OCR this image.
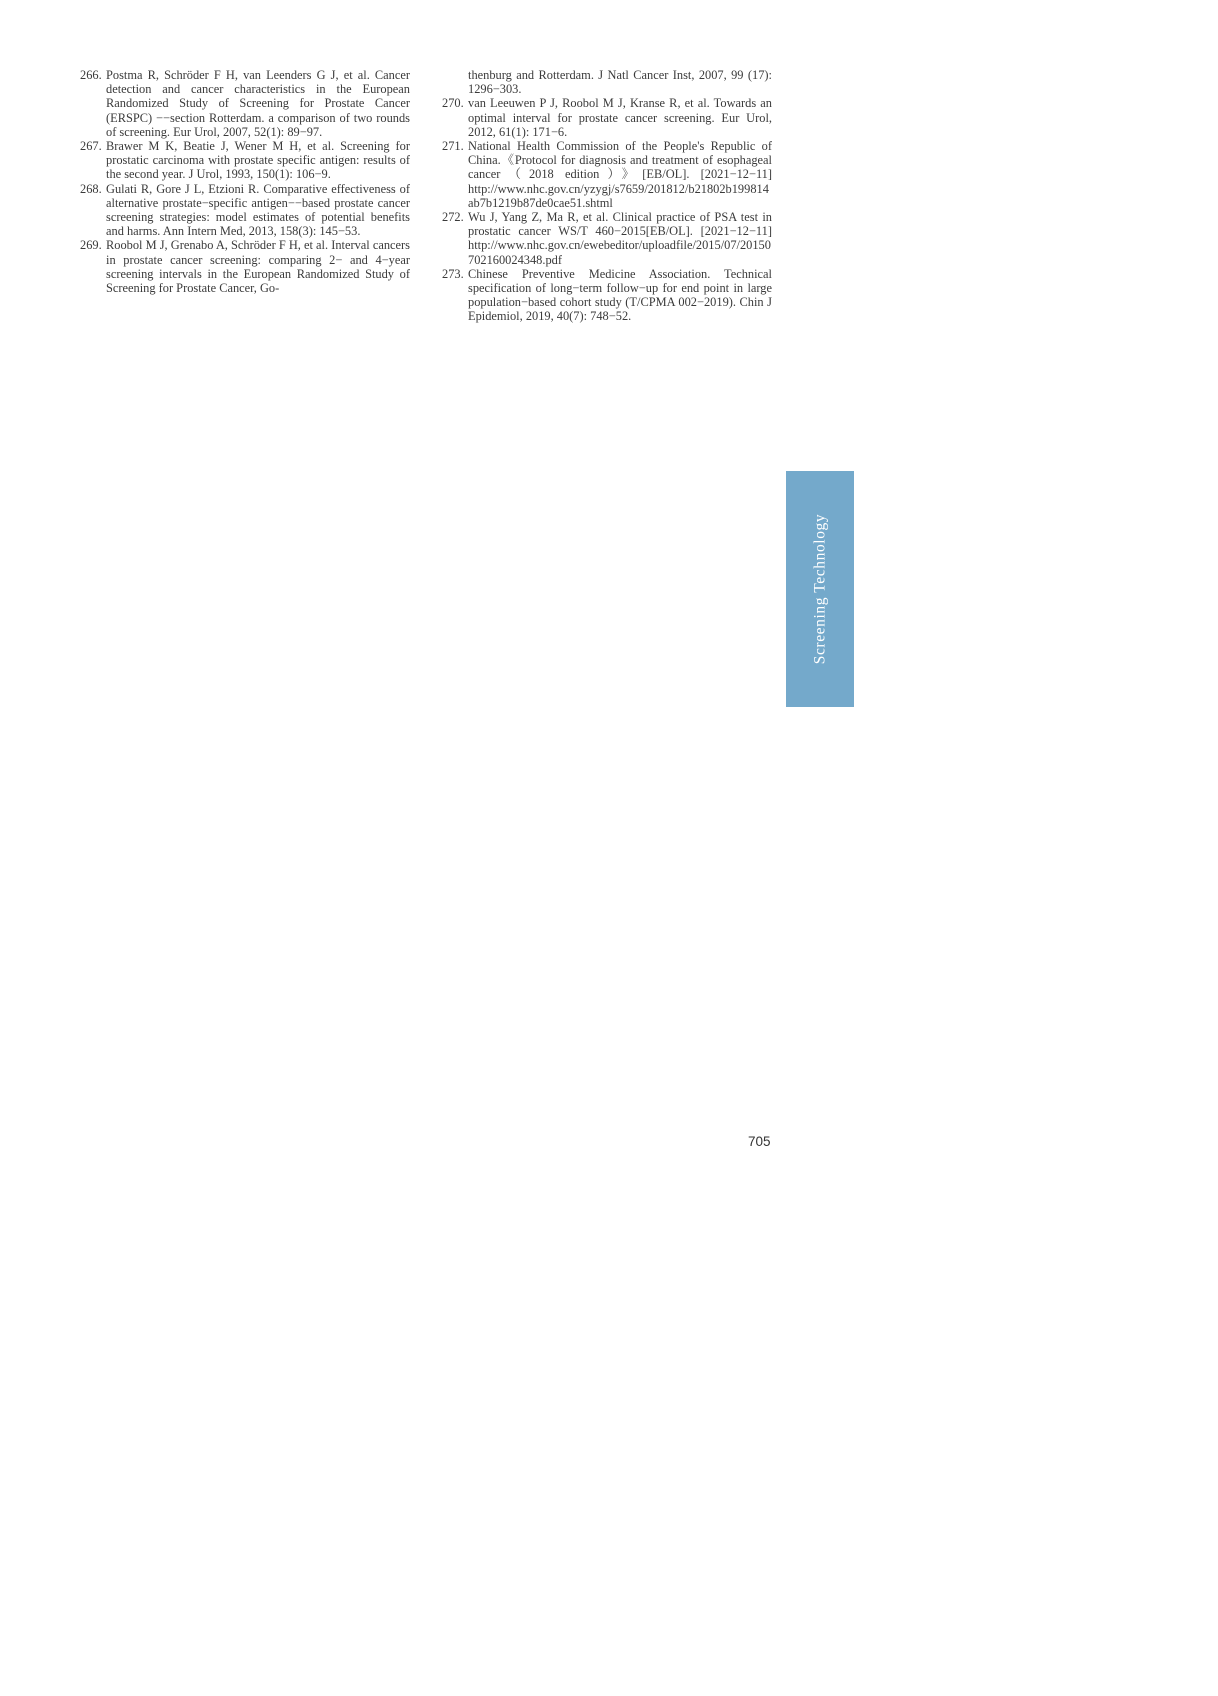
266. Postma R, Schröder F H, van Leenders G J, et al. Cancer detection and cancer characteristics in the European Randomized Study of Screening for Prostate Cancer (ERSPC) −−section Rotterdam. a comparison of two rounds of screening. Eur Urol, 2007, 52(1): 89−97.
267. Brawer M K, Beatie J, Wener M H, et al. Screening for prostatic carcinoma with prostate specific antigen: results of the second year. J Urol, 1993, 150(1): 106−9.
268. Gulati R, Gore J L, Etzioni R. Comparative effectiveness of alternative prostate−specific antigen−−based prostate cancer screening strategies: model estimates of potential benefits and harms. Ann Intern Med, 2013, 158(3): 145−53.
269. Roobol M J, Grenabo A, Schröder F H, et al. Interval cancers in prostate cancer screening: comparing 2− and 4−year screening intervals in the European Randomized Study of Screening for Prostate Cancer, Go-
thenburg and Rotterdam. J Natl Cancer Inst, 2007, 99 (17): 1296−303.
270. van Leeuwen P J, Roobol M J, Kranse R, et al. Towards an optimal interval for prostate cancer screening. Eur Urol, 2012, 61(1): 171−6.
271. National Health Commission of the People's Republic of China.《Protocol for diagnosis and treatment of esophageal cancer（2018 edition）》[EB/OL]. [2021−12−11] http://www.nhc.gov.cn/yzygj/s7659/201812/b21802b199814ab7b1219b87de0cae51.shtml
272. Wu J, Yang Z, Ma R, et al. Clinical practice of PSA test in prostatic cancer WS/T 460−2015[EB/OL]. [2021−12−11] http://www.nhc.gov.cn/ewebeditor/uploadfile/2015/07/20150702160024348.pdf
273. Chinese Preventive Medicine Association. Technical specification of long−term follow−up for end point in large population−based cohort study (T/CPMA 002−2019). Chin J Epidemiol, 2019, 40(7): 748−52.
Screening Technology
705
